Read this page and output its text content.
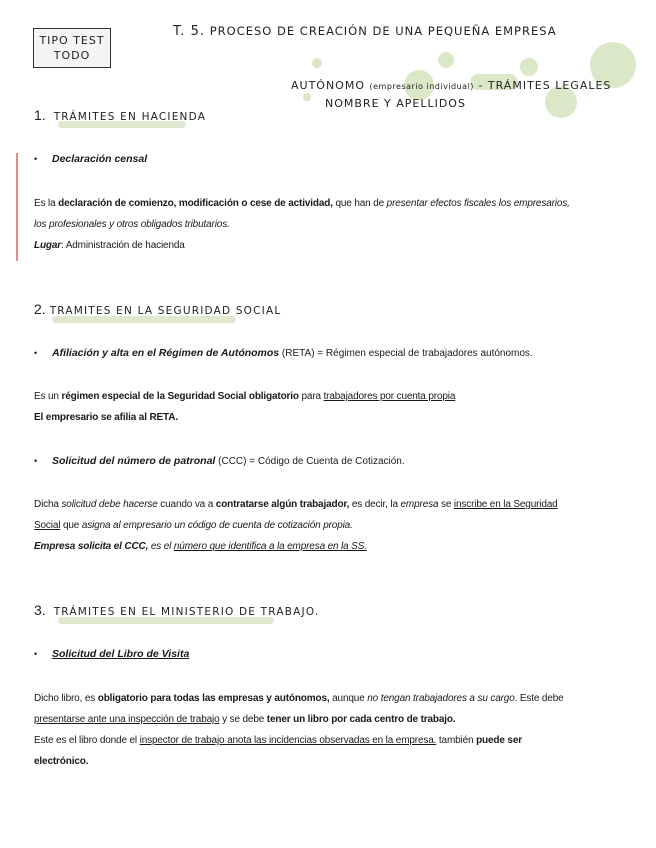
TIPO TEST
TODO
T. 5. PROCESO DE CREACIÓN DE UNA PEQUEÑA EMPRESA
AUTÓNOMO (empresario individual) - TRÁMITES LEGALES
NOMBRE Y APELLIDOS
1. TRÁMITES EN HACIENDA
• Declaración censal
Es la declaración de comienzo, modificación o cese de actividad, que han de presentar efectos fiscales los empresarios,
los profesionales y otros obligados tributarios.
Lugar: Administración de hacienda
2. TRAMITES EN LA SEGURIDAD SOCIAL
• Afiliación y alta en el Régimen de Autónomos (RETA) = Régimen especial de trabajadores autónomos.
Es un régimen especial de la Seguridad Social obligatorio para trabajadores por cuenta propia
El empresario se afilia al RETA.
• Solicitud del número de patronal (CCC) = Código de Cuenta de Cotización.
Dicha solicitud debe hacerse cuando va a contratarse algún trabajador, es decir, la empresa se inscribe en la Seguridad
Social que asigna al empresario un código de cuenta de cotización propia.
Empresa solicita el CCC, es el número que identifica a la empresa en la SS.
3. TRÁMITES EN EL MINISTERIO DE TRABAJO.
• Solicitud del Libro de Visita
Dicho libro, es obligatorio para todas las empresas y autónomos, aunque no tengan trabajadores a su cargo. Este debe
presentarse ante una inspección de trabajo y se debe tener un libro por cada centro de trabajo.
Este es el libro donde el inspector de trabajo anota las incidencias observadas en la empresa. también puede ser
electrónico.
